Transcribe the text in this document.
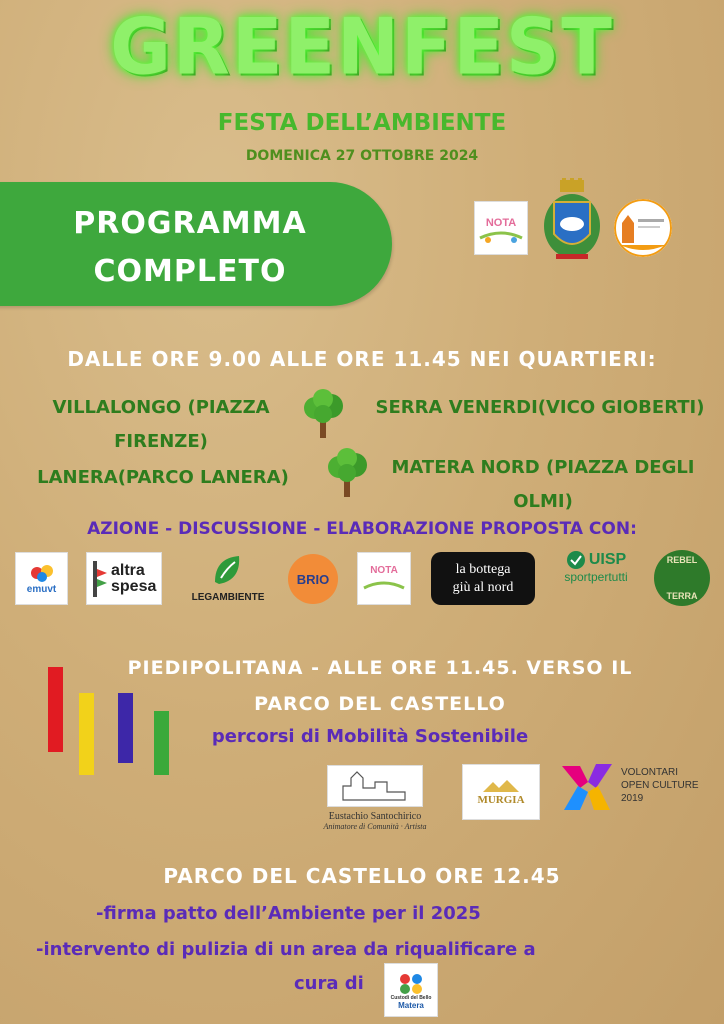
GREENFEST
FESTA DELL’AMBIENTE
DOMENICA 27 OTTOBRE 2024
PROGRAMMA
COMPLETO
NOTA
DALLE ORE 9.00 ALLE ORE 11.45 NEI QUARTIERI:
VILLALONGO (PIAZZA
FIRENZE)
SERRA VENERDI(VICO GIOBERTI)
LANERA(PARCO LANERA)	MATERA NORD (PIAZZA DEGLI
OLMI)
AZIONE - DISCUSSIONE - ELABORAZIONE PROPOSTA CON:
emuvt
altra
spesa
LEGAMBIENTE
BRIO
NOTA	la bottega
giù al nord
UISP
sportpertutti
REBEL
TERRA
PIEDIPOLITANA - ALLE ORE 11.45. VERSO IL
PARCO DEL CASTELLO
percorsi di Mobilità Sostenibile
Eustachio Santochirico
Animatore di Comunità · Artista
MURGIA
VOLONTARI
OPEN CULTURE
2019
PARCO DEL CASTELLO ORE 12.45
-firma patto dell’Ambiente per il 2025
-intervento di pulizia di un area da riqualificare a
cura di
Custodi del Bello
Matera
